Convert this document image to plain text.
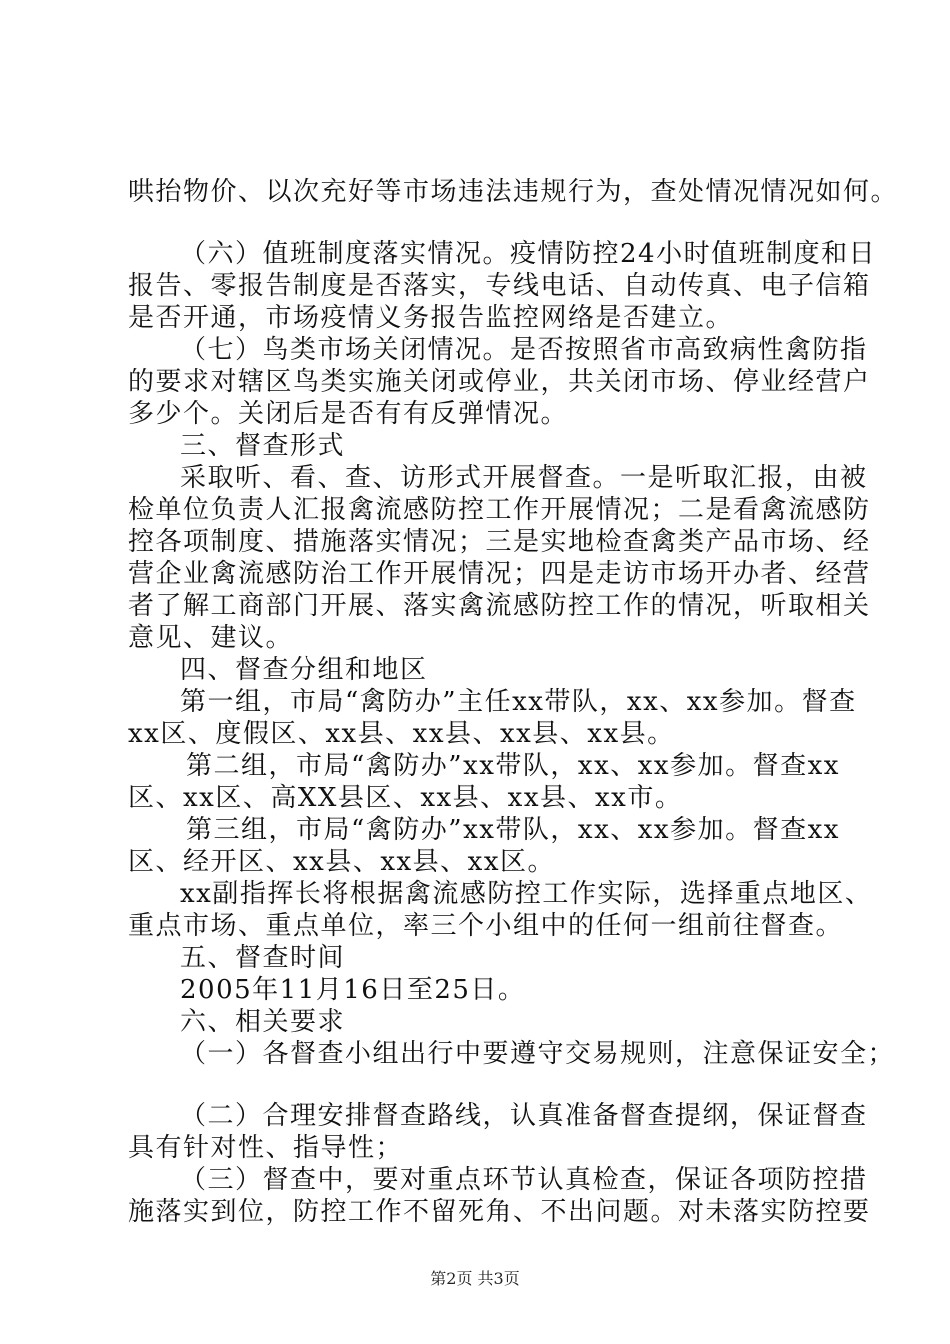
哄抬物价、以次充好等市场违法违规行为，查处情况情况如何。
（六）值班制度落实情况。疫情防控24小时值班制度和日
报告、零报告制度是否落实，专线电话、自动传真、电子信箱
是否开通，市场疫情义务报告监控网络是否建立。
（七）鸟类市场关闭情况。是否按照省市高致病性禽防指
的要求对辖区鸟类实施关闭或停业，共关闭市场、停业经营户
多少个。关闭后是否有有反弹情况。
三、督查形式
采取听、看、查、访形式开展督查。一是听取汇报，由被
检单位负责人汇报禽流感防控工作开展情况；二是看禽流感防
控各项制度、措施落实情况；三是实地检查禽类产品市场、经
营企业禽流感防治工作开展情况；四是走访市场开办者、经营
者了解工商部门开展、落实禽流感防控工作的情况，听取相关
意见、建议。
四、督查分组和地区
第一组，市局“禽防办”主任xx带队，xx、xx参加。督查
xx区、度假区、xx县、xx县、xx县、xx县。
第二组，市局“禽防办”xx带队，xx、xx参加。督查xx
区、xx区、高XX县区、xx县、xx县、xx市。
第三组，市局“禽防办”xx带队，xx、xx参加。督查xx
区、经开区、xx县、xx县、xx区。
xx副指挥长将根据禽流感防控工作实际，选择重点地区、
重点市场、重点单位，率三个小组中的任何一组前往督查。
五、督查时间
2005年11月16日至25日。
六、相关要求
（一）各督查小组出行中要遵守交易规则，注意保证安全；
（二）合理安排督查路线，认真准备督查提纲，保证督查
具有针对性、指导性；
（三）督查中，要对重点环节认真检查，保证各项防控措
施落实到位，防控工作不留死角、不出问题。对未落实防控要
第2页 共3页
